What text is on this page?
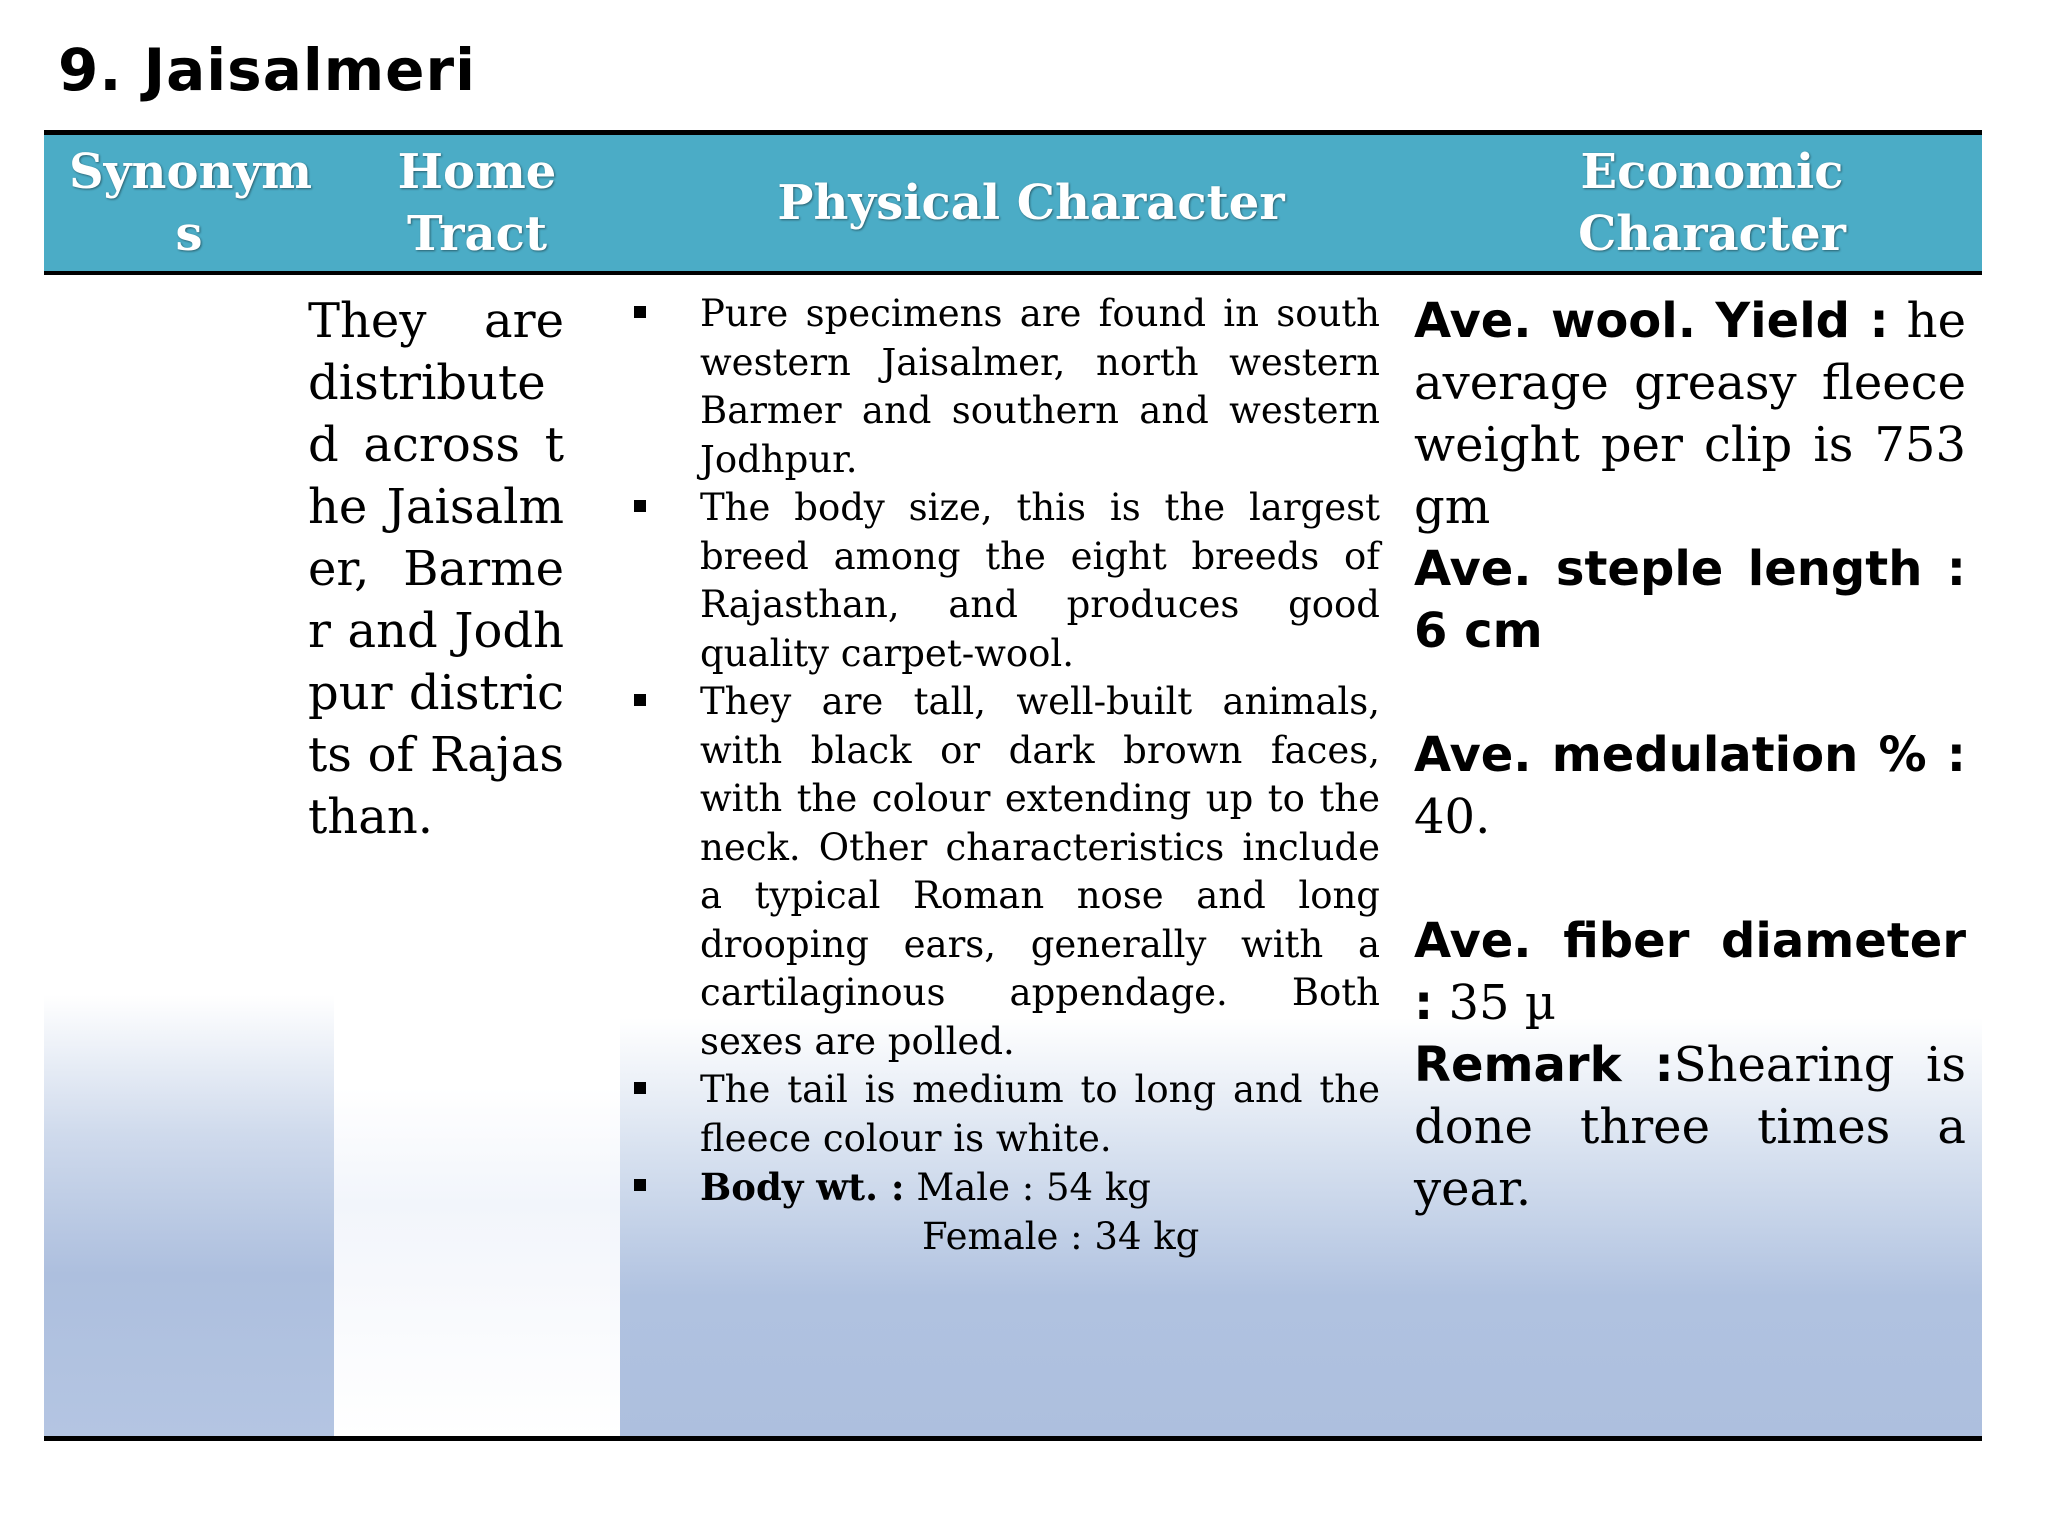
9. Jaisalmeri
Synonym s
Home Tract
Physical Character
Economic Character

They are distributed across the Jaisalmer, Barmer and Jodhpur districts of Rajasthan.

Pure specimens are found in south western Jaisalmer, north western Barmer and southern and western Jodhpur.
The body size, this is the largest breed among the eight breeds of Rajasthan, and produces good quality carpet-wool.
They are tall, well-built animals, with black or dark brown faces, with the colour extending up to the neck. Other characteristics include a typical Roman nose and long drooping ears, generally with a cartilaginous appendage. Both sexes are polled.
The tail is medium to long and the fleece colour is white.
Body wt. : Male : 54 kg
Female : 34 kg

Ave. wool. Yield : he average greasy fleece weight per clip is 753 gm

Ave. steple length : 6 cm

Ave. medulation % : 40.

Ave. fiber diameter : 35 µ

Remark :Shearing is done three times a year.
